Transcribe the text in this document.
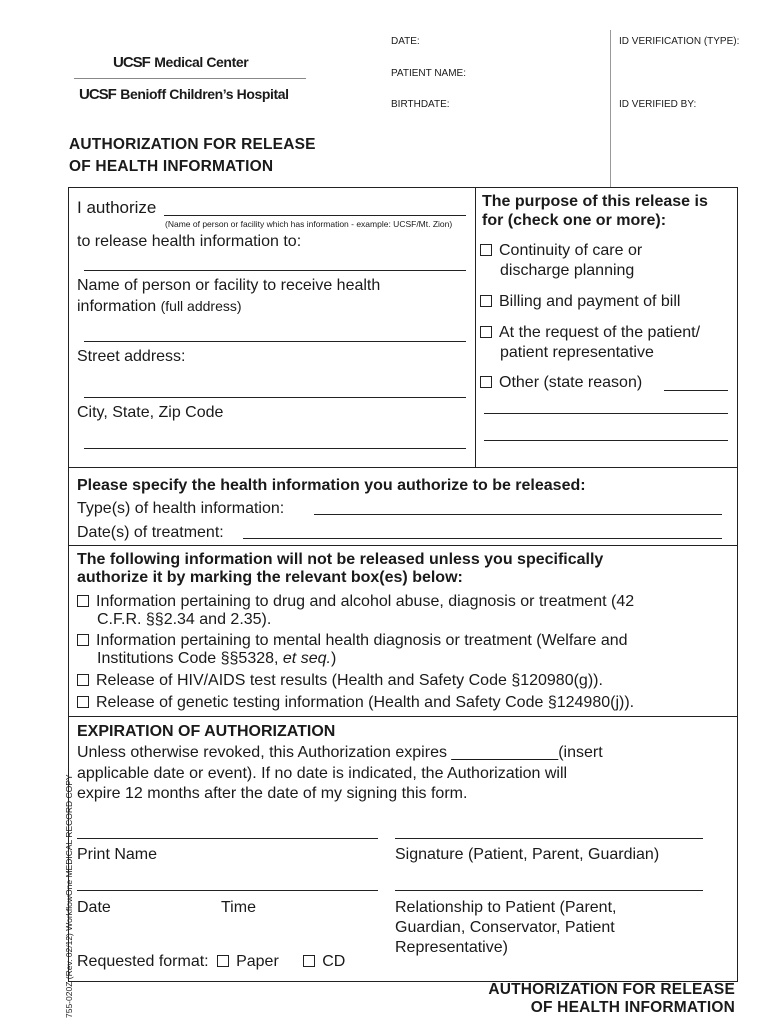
UCSF Medical Center
UCSF Benioff Children’s Hospital
DATE:
PATIENT NAME:
BIRTHDATE:
ID VERIFICATION (TYPE):
ID VERIFIED BY:
AUTHORIZATION FOR RELEASE
OF HEALTH INFORMATION
I authorize
(Name of person or facility which has information - example: UCSF/Mt. Zion)
to release health information to:
Name of person or facility to receive health
information (full address)
Street address:
City, State, Zip Code
The purpose of this release is
for (check one or more):
Continuity of care or
discharge planning
Billing and payment of bill
At the request of the patient/
patient representative
Other (state reason)
Please specify the health information you authorize to be released:
Type(s) of health information:
Date(s) of treatment:
The following information will not be released unless you specifically
authorize it by marking the relevant box(es) below:
Information pertaining to drug and alcohol abuse, diagnosis or treatment (42
C.F.R. §§2.34 and 2.35).
Information pertaining to mental health diagnosis or treatment (Welfare and
Institutions Code §§5328, et seq.)
Release of HIV/AIDS test results (Health and Safety Code §120980(g)).
Release of genetic testing information (Health and Safety Code §124980(j)).
EXPIRATION OF AUTHORIZATION
Unless otherwise revoked, this Authorization expires ____________(insert
applicable date or event). If no date is indicated, the Authorization will
expire 12 months after the date of my signing this form.
Print Name	Signature (Patient, Parent, Guardian)
Date	Time	Relationship to Patient (Parent,
Guardian, Conservator, Patient
Representative)
Requested format: Paper	CD
755-020Z (Rev. 02/12) WorkflowOne MEDICAL RECORD COPY	AUTHORIZATION FOR RELEASE
OF HEALTH INFORMATION
